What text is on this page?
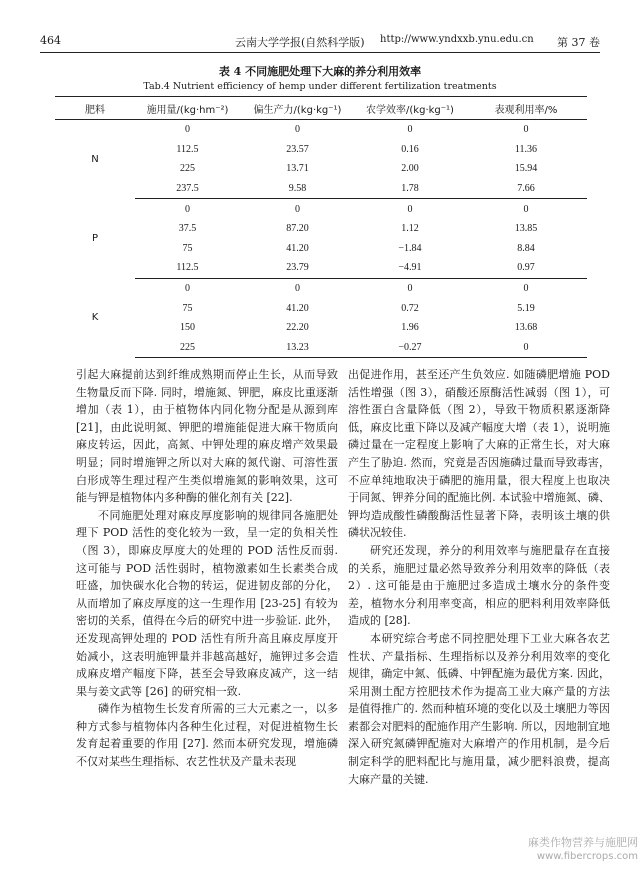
464	云南大学学报(自然科学版) http://www.yndxxb.ynu.edu.cn 第 37 卷
表 4 不同施肥处理下大麻的养分利用效率
Tab.4 Nutrient efficiency of hemp under different fertilization treatments
肥料	施用量/(kg·hm⁻²)	偏生产力/(kg·kg⁻¹)	农学效率/(kg·kg⁻¹)	表观利用率/%
N	0	0	0	0
	112.5	23.57	0.16	11.36
	225	13.71	2.00	15.94
	237.5	9.58	1.78	7.66
P	0	0	0	0
	37.5	87.20	1.12	13.85
	75	41.20	−1.84	8.84
	112.5	23.79	−4.91	0.97
K	0	0	0	0
	75	41.20	0.72	5.19
	150	22.20	1.96	13.68
	225	13.23	−0.27	0

引起大麻提前达到纤维成熟期而停止生长，从而导致生物量反而下降. 同时，增施氮、钾肥，麻皮比重逐渐增加（表 1），由于植物体内同化物分配是从源到库 [21]，由此说明氮、钾肥的增施能促进大麻干物质向麻皮转运，因此，高氮、中钾处理的麻皮增产效果最明显；同时增施钾之所以对大麻的氮代谢、可溶性蛋白形成等生理过程产生类似增施氮的影响效果，这可能与钾是植物体内多种酶的催化剂有关 [22].

不同施肥处理对麻皮厚度影响的规律同各施肥处理下 POD 活性的变化较为一致，呈一定的负相关性（图 3），即麻皮厚度大的处理的 POD 活性反而弱. 这可能与 POD 活性弱时，植物激素如生长素类合成旺盛，加快碳水化合物的转运，促进韧皮部的分化，从而增加了麻皮厚度的这一生理作用 [23-25] 有较为密切的关系，值得在今后的研究中进一步验证. 此外，还发现高钾处理的 POD 活性有所升高且麻皮厚度开始减小，这表明施钾量并非越高越好，施钾过多会造成麻皮增产幅度下降，甚至会导致麻皮减产，这一结果与姜文武等 [26] 的研究相一致.

磷作为植物生长发育所需的三大元素之一，以多种方式参与植物体内各种生化过程，对促进植物生长发育起着重要的作用 [27]. 然而本研究发现，增施磷不仅对某些生理指标、农艺性状及产量未表现

出促进作用，甚至还产生负效应. 如随磷肥增施 POD 活性增强（图 3），硝酸还原酶活性减弱（图 1），可溶性蛋白含量降低（图 2），导致干物质积累逐渐降低，麻皮比重下降以及减产幅度大增（表 1），说明施磷过量在一定程度上影响了大麻的正常生长，对大麻产生了胁迫. 然而，究竟是否因施磷过量而导致毒害，不应单纯地取决于磷肥的施用量，很大程度上也取决于同氮、钾养分间的配施比例. 本试验中增施氮、磷、钾均造成酸性磷酸酶活性显著下降，表明该土壤的供磷状况较佳.

研究还发现，养分的利用效率与施肥量存在直接的关系，施肥过量必然导致养分利用效率的降低（表 2）. 这可能是由于施肥过多造成土壤水分的条件变差，植物水分利用率变高，相应的肥料利用效率降低造成的 [28].

本研究综合考虑不同控肥处理下工业大麻各农艺性状、产量指标、生理指标以及养分利用效率的变化规律，确定中氮、低磷、中钾配施为最优方案. 因此，采用测土配方控肥技术作为提高工业大麻产量的方法是值得推广的. 然而种植环境的变化以及土壤肥力等因素都会对肥料的配施作用产生影响. 所以，因地制宜地深入研究氮磷钾配施对大麻增产的作用机制，是今后制定科学的肥料配比与施用量，减少肥料浪费，提高大麻产量的关键.

麻类作物营养与施肥网
www.fibercrops.com
